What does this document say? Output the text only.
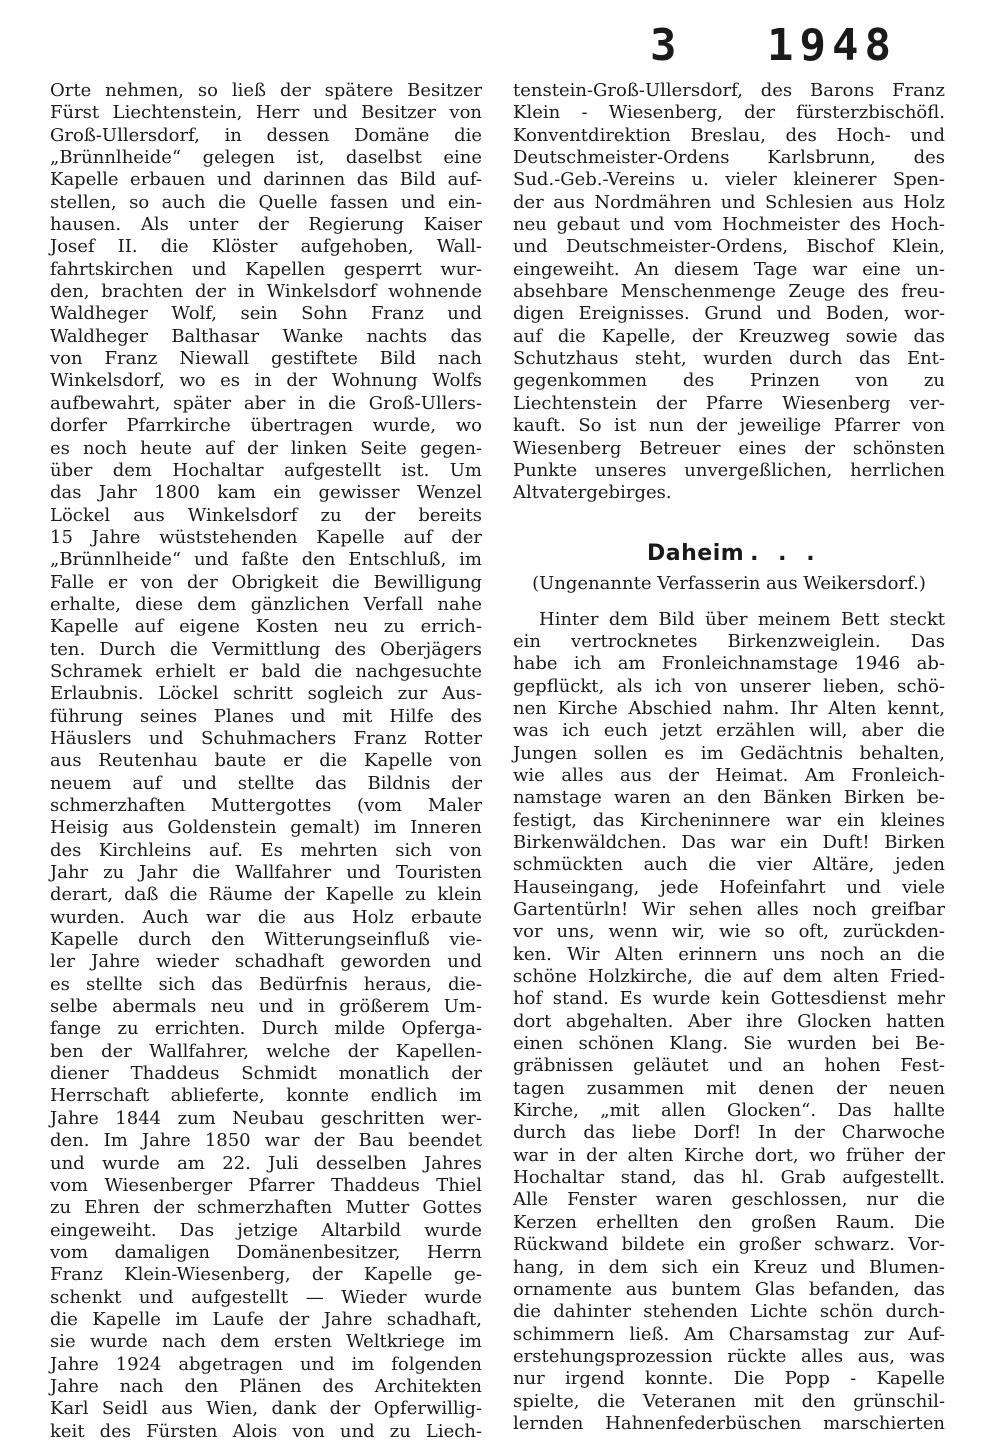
3 1948
Orte nehmen, so ließ der spätere Besitzer
Fürst Liechtenstein, Herr und Besitzer von
Groß-Ullersdorf, in dessen Domäne die
„Brünnlheide“ gelegen ist, daselbst eine
Kapelle erbauen und darinnen das Bild auf-
stellen, so auch die Quelle fassen und ein-
hausen. Als unter der Regierung Kaiser
Josef II. die Klöster aufgehoben, Wall-
fahrtskirchen und Kapellen gesperrt wur-
den, brachten der in Winkelsdorf wohnende
Waldheger Wolf, sein Sohn Franz und
Waldheger Balthasar Wanke nachts das
von Franz Niewall gestiftete Bild nach
Winkelsdorf, wo es in der Wohnung Wolfs
aufbewahrt, später aber in die Groß-Ullers-
dorfer Pfarrkirche übertragen wurde, wo
es noch heute auf der linken Seite gegen-
über dem Hochaltar aufgestellt ist. Um
das Jahr 1800 kam ein gewisser Wenzel
Löckel aus Winkelsdorf zu der bereits
15 Jahre wüststehenden Kapelle auf der
„Brünnlheide“ und faßte den Entschluß, im
Falle er von der Obrigkeit die Bewilligung
erhalte, diese dem gänzlichen Verfall nahe
Kapelle auf eigene Kosten neu zu errich-
ten. Durch die Vermittlung des Oberjägers
Schramek erhielt er bald die nachgesuchte
Erlaubnis. Löckel schritt sogleich zur Aus-
führung seines Planes und mit Hilfe des
Häuslers und Schuhmachers Franz Rotter
aus Reutenhau baute er die Kapelle von
neuem auf und stellte das Bildnis der
schmerzhaften Muttergottes (vom Maler
Heisig aus Goldenstein gemalt) im Inneren
des Kirchleins auf. Es mehrten sich von
Jahr zu Jahr die Wallfahrer und Touristen
derart, daß die Räume der Kapelle zu klein
wurden. Auch war die aus Holz erbaute
Kapelle durch den Witterungseinfluß vie-
ler Jahre wieder schadhaft geworden und
es stellte sich das Bedürfnis heraus, die-
selbe abermals neu und in größerem Um-
fange zu errichten. Durch milde Opferga-
ben der Wallfahrer, welche der Kapellen-
diener Thaddeus Schmidt monatlich der
Herrschaft ablieferte, konnte endlich im
Jahre 1844 zum Neubau geschritten wer-
den. Im Jahre 1850 war der Bau beendet
und wurde am 22. Juli desselben Jahres
vom Wiesenberger Pfarrer Thaddeus Thiel
zu Ehren der schmerzhaften Mutter Gottes
eingeweiht. Das jetzige Altarbild wurde
vom damaligen Domänenbesitzer, Herrn
Franz Klein-Wiesenberg, der Kapelle ge-
schenkt und aufgestellt — Wieder wurde
die Kapelle im Laufe der Jahre schadhaft,
sie wurde nach dem ersten Weltkriege im
Jahre 1924 abgetragen und im folgenden
Jahre nach den Plänen des Architekten
Karl Seidl aus Wien, dank der Opferwillig-
keit des Fürsten Alois von und zu Liech-
tenstein-Groß-Ullersdorf, des Barons Franz
Klein - Wiesenberg, der fürsterzbischöfl.
Konventdirektion Breslau, des Hoch- und
Deutschmeister-Ordens Karlsbrunn, des
Sud.-Geb.-Vereins u. vieler kleinerer Spen-
der aus Nordmähren und Schlesien aus Holz
neu gebaut und vom Hochmeister des Hoch-
und Deutschmeister-Ordens, Bischof Klein,
eingeweiht. An diesem Tage war eine un-
absehbare Menschenmenge Zeuge des freu-
digen Ereignisses. Grund und Boden, wor-
auf die Kapelle, der Kreuzweg sowie das
Schutzhaus steht, wurden durch das Ent-
gegenkommen des Prinzen von zu
Liechtenstein der Pfarre Wiesenberg ver-
kauft. So ist nun der jeweilige Pfarrer von
Wiesenberg Betreuer eines der schönsten
Punkte unseres unvergeßlichen, herrlichen
Altvatergebirges.
Daheim . . .
(Ungenannte Verfasserin aus Weikersdorf.)
Hinter dem Bild über meinem Bett steckt
ein vertrocknetes Birkenzweiglein. Das
habe ich am Fronleichnamstage 1946 ab-
gepflückt, als ich von unserer lieben, schö-
nen Kirche Abschied nahm. Ihr Alten kennt,
was ich euch jetzt erzählen will, aber die
Jungen sollen es im Gedächtnis behalten,
wie alles aus der Heimat. Am Fronleich-
namstage waren an den Bänken Birken be-
festigt, das Kircheninnere war ein kleines
Birkenwäldchen. Das war ein Duft! Birken
schmückten auch die vier Altäre, jeden
Hauseingang, jede Hofeinfahrt und viele
Gartentürln! Wir sehen alles noch greifbar
vor uns, wenn wir, wie so oft, zurückden-
ken. Wir Alten erinnern uns noch an die
schöne Holzkirche, die auf dem alten Fried-
hof stand. Es wurde kein Gottesdienst mehr
dort abgehalten. Aber ihre Glocken hatten
einen schönen Klang. Sie wurden bei Be-
gräbnissen geläutet und an hohen Fest-
tagen zusammen mit denen der neuen
Kirche, „mit allen Glocken“. Das hallte
durch das liebe Dorf! In der Charwoche
war in der alten Kirche dort, wo früher der
Hochaltar stand, das hl. Grab aufgestellt.
Alle Fenster waren geschlossen, nur die
Kerzen erhellten den großen Raum. Die
Rückwand bildete ein großer schwarz. Vor-
hang, in dem sich ein Kreuz und Blumen-
ornamente aus buntem Glas befanden, das
die dahinter stehenden Lichte schön durch-
schimmern ließ. Am Charsamstag zur Auf-
erstehungsprozession rückte alles aus, was
nur irgend konnte. Die Popp - Kapelle
spielte, die Veteranen mit den grünschil-
lernden Hahnenfederbüschen marschierten
